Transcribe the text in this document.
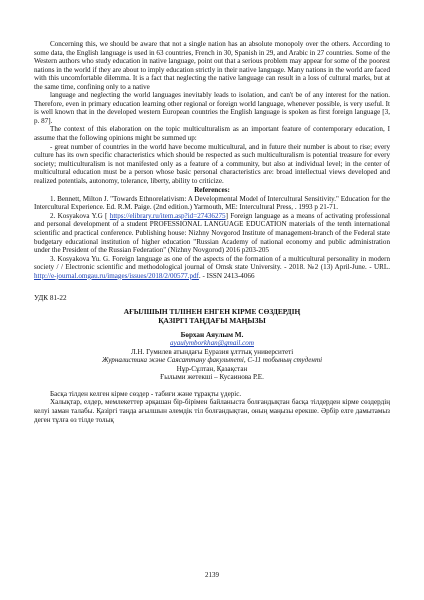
Concerning this, we should be aware that not a single nation has an absolute monopoly over the others. According to some data, the English language is used in 63 countries, French in 30, Spanish in 29, and Arabic in 27 countries. Some of the Western authors who study education in native language, point out that a serious problem may appear for some of the poorest nations in the world if they are about to imply education strictly in their native language. Many nations in the world are faced with this uncomfortable dilemma. It is a fact that neglecting the native language can result in a loss of cultural marks, but at the same time, confining only to a native

language and neglecting the world languages inevitably leads to isolation, and can't be of any interest for the nation. Therefore, even in primary education learning other regional or foreign world language, whenever possible, is very useful. It is well known that in the developed western European countries the English language is spoken as first foreign language [3, p. 87].

The context of this elaboration on the topic multiculturalism as an important feature of contemporary education, I assume that the following opinions might be summed up:

- great number of countries in the world have become multicultural, and in future their number is about to rise; every culture has its own specific characteristics which should be respected as such multiculturalism is potential treasure for every society; multiculturalism is not manifested only as a feature of a community, but also at individual level; in the center of multicultural education must be a person whose basic personal characteristics are: broad intellectual views developed and realized potentials, autonomy, tolerance, liberty, ability to criticize.

References:

1. Bennett, Milton J. "Towards Ethnorelativism: A Developmental Model of Intercultural Sensitivity." Education for the Intercultural Experience. Ed. R.M. Paige. (2nd edition.) Yarmouth, ME: Intercultural Press, . 1993 p 21-71.

2. Kosyakova Y.G [ https://elibrary.ru/item.asp?id=27436275] Foreign language as a means of activating professional and personal development of a student PROFESSIONAL LANGUAGE EDUCATION materials of the tenth international scientific and practical conference. Publishing house: Nizhny Novgorod Institute of management-branch of the Federal state budgetary educational institution of higher education "Russian Academy of national economy and public administration under the President of the Russian Federation" (Nizhny Novgorod) 2016 p203-205

3. Kosyakova Yu. G. Foreign language as one of the aspects of the formation of a multicultural personality in modern society / / Electronic scientific and methodological journal of Omsk state University. - 2018. №2 (13) April-June. - URL. http://e-journal.omgau.ru/images/issues/2018/2/00577.pdf. - ISSN 2413-4066

УДК 81-22

АҒЫЛШЫН ТІЛІНЕН ЕНГЕН КІРМЕ СӨЗДЕРДІҢ
ҚАЗІРГІ ТАҢДАҒЫ МАҢЫЗЫ

Бөрхан Аяулым М.

ayaulymborkhan@gmail.com

Л.Н. Гумилев атындағы Еуразия ұлттық университеті

Журналистика және Саясаттану факультеті, С-11 тобының студенті

Нұр-Сұлтан, Қазақстан

Ғылыми жетекші – Кусаинова Р.Е.

Басқа тілден келген кірме сөздер - табиғи және тұрақты үдеріс.

Халықтар, елдер, мемлекеттер әрқашан бір-бірімен байланыста болғандықтан басқа тілдерден кірме сөздердің келуі заман талабы. Қазіргі таңда ағылшын әлемдік тіл болғандықтан, оның маңызы ерекше. Әрбір елге дамытамыз деген тұлға өз тілде толық

2139
